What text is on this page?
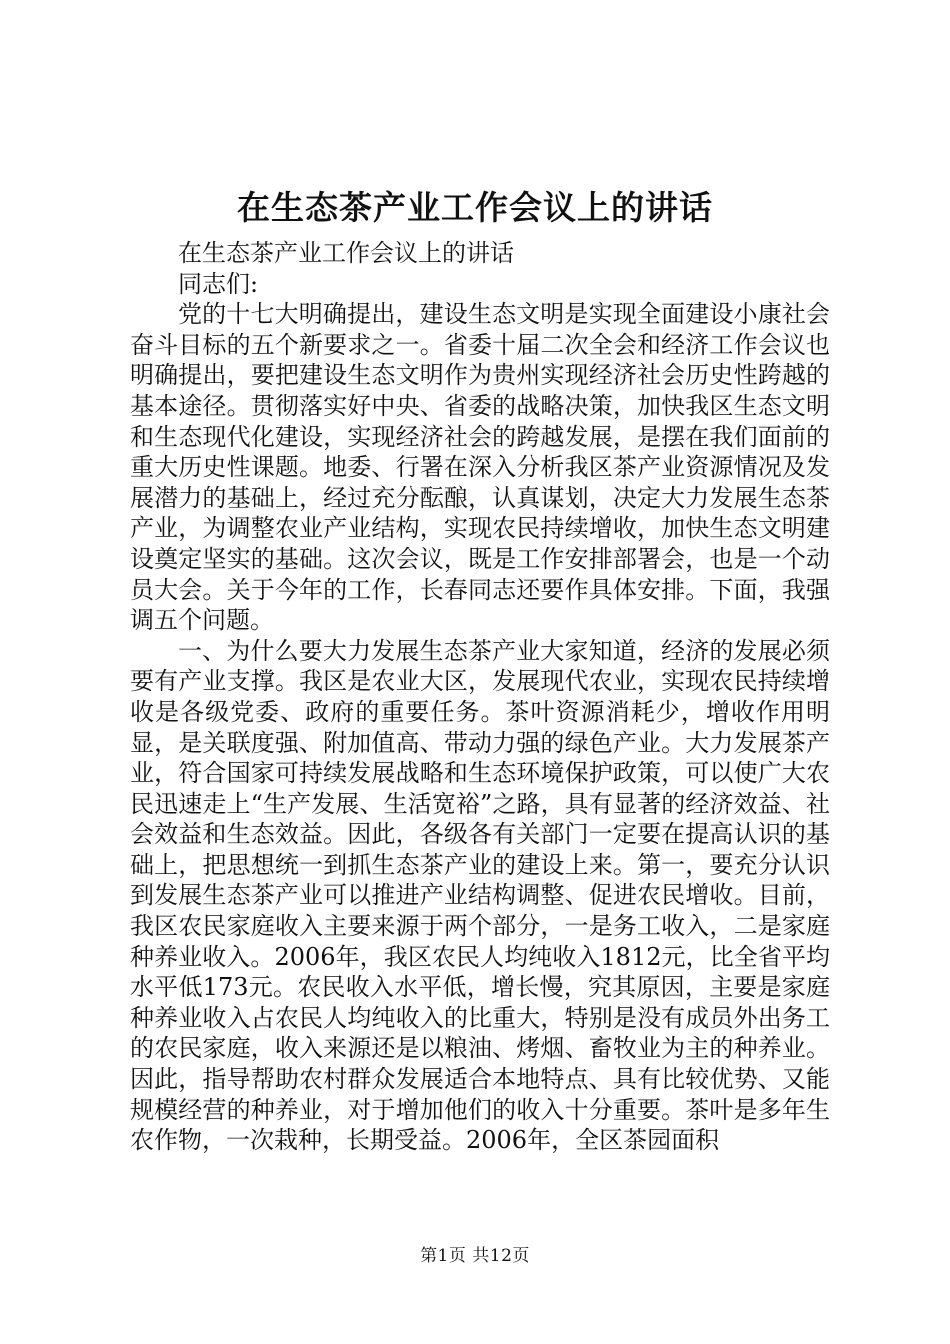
在生态茶产业工作会议上的讲话

在生态茶产业工作会议上的讲话

同志们:

党的十七大明确提出，建设生态文明是实现全面建设小康社会奋斗目标的五个新要求之一。省委十届二次全会和经济工作会议也明确提出，要把建设生态文明作为贵州实现经济社会历史性跨越的基本途径。贯彻落实好中央、省委的战略决策，加快我区生态文明和生态现代化建设，实现经济社会的跨越发展，是摆在我们面前的重大历史性课题。地委、行署在深入分析我区茶产业资源情况及发展潜力的基础上，经过充分酝酿，认真谋划，决定大力发展生态茶产业，为调整农业产业结构，实现农民持续增收，加快生态文明建设奠定坚实的基础。这次会议，既是工作安排部署会，也是一个动员大会。关于今年的工作，长春同志还要作具体安排。下面，我强调五个问题。

一、为什么要大力发展生态茶产业大家知道，经济的发展必须要有产业支撑。我区是农业大区，发展现代农业，实现农民持续增收是各级党委、政府的重要任务。茶叶资源消耗少，增收作用明显，是关联度强、附加值高、带动力强的绿色产业。大力发展茶产业，符合国家可持续发展战略和生态环境保护政策，可以使广大农民迅速走上“生产发展、生活宽裕”之路，具有显著的经济效益、社会效益和生态效益。因此，各级各有关部门一定要在提高认识的基础上，把思想统一到抓生态茶产业的建设上来。第一，要充分认识到发展生态茶产业可以推进产业结构调整、促进农民增收。目前，我区农民家庭收入主要来源于两个部分，一是务工收入，二是家庭种养业收入。2006年，我区农民人均纯收入1812元，比全省平均水平低173元。农民收入水平低，增长慢，究其原因，主要是家庭种养业收入占农民人均纯收入的比重大，特别是没有成员外出务工的农民家庭，收入来源还是以粮油、烤烟、畜牧业为主的种养业。因此，指导帮助农村群众发展适合本地特点、具有比较优势、又能规模经营的种养业，对于增加他们的收入十分重要。茶叶是多年生农作物，一次栽种，长期受益。2006年，全区茶园面积

第1页 共12页
